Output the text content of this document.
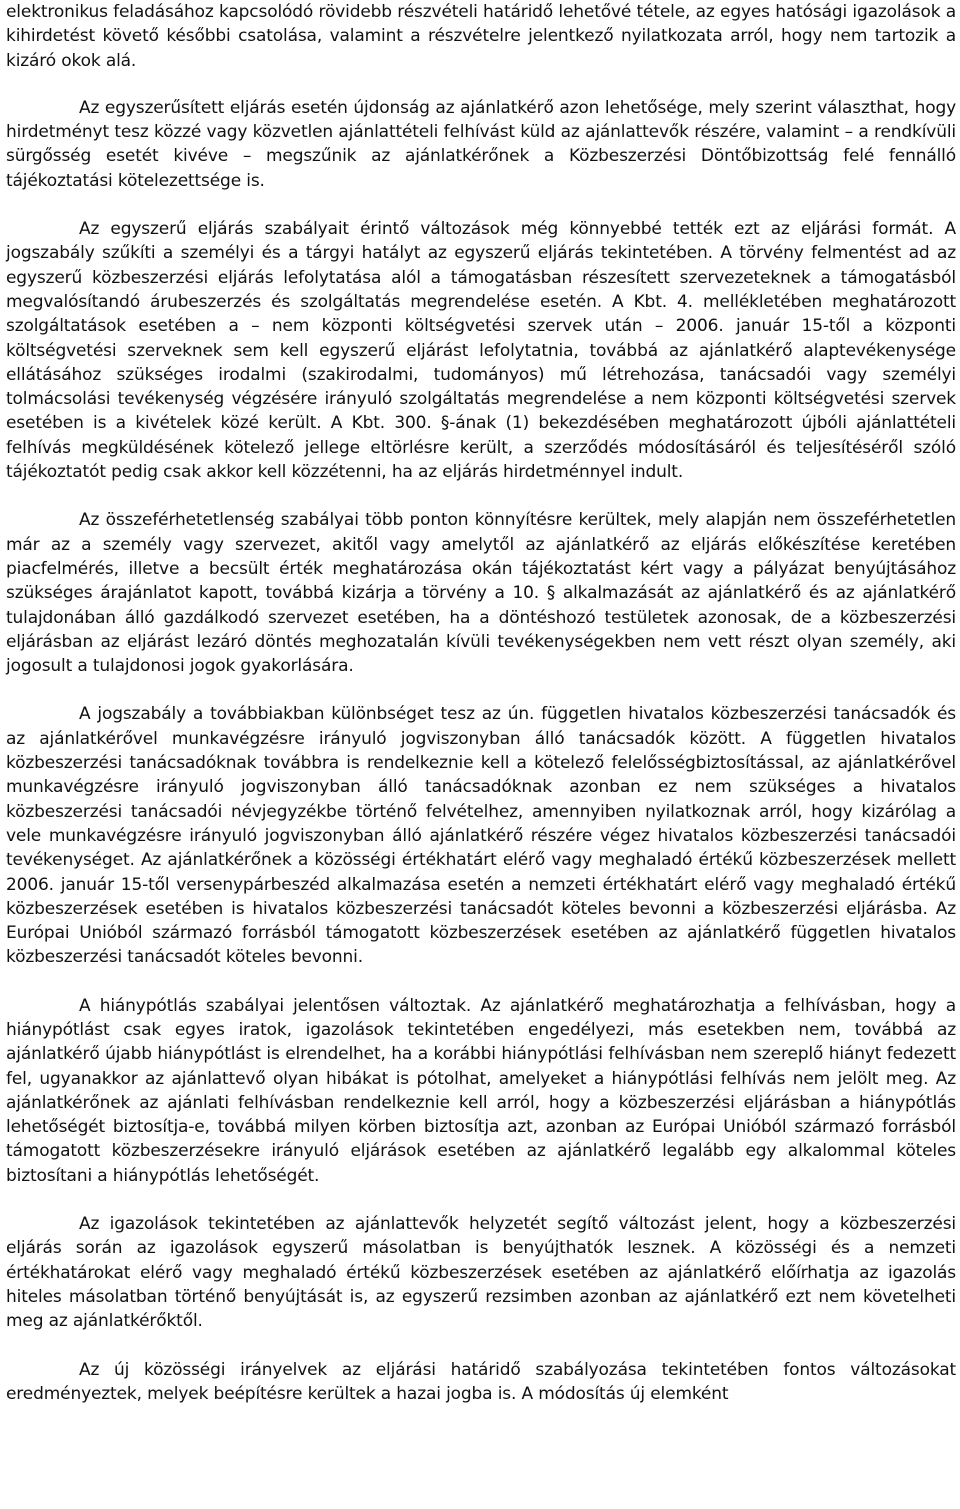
elektronikus feladásához kapcsolódó rövidebb részvételi határidő lehetővé tétele, az egyes hatósági igazolások a kihirdetést követő későbbi csatolása, valamint a részvételre jelentkező nyilatkozata arról, hogy nem tartozik a kizáró okok alá.

Az egyszerűsített eljárás esetén újdonság az ajánlatkérő azon lehetősége, mely szerint választhat, hogy hirdetményt tesz közzé vagy közvetlen ajánlattételi felhívást küld az ajánlattevők részére, valamint – a rendkívüli sürgősség esetét kivéve – megszűnik az ajánlatkérőnek a Közbeszerzési Döntőbizottság felé fennálló tájékoztatási kötelezettsége is.

Az egyszerű eljárás szabályait érintő változások még könnyebbé tették ezt az eljárási formát. A jogszabály szűkíti a személyi és a tárgyi hatályt az egyszerű eljárás tekintetében. A törvény felmentést ad az egyszerű közbeszerzési eljárás lefolytatása alól a támogatásban részesített szervezeteknek a támogatásból megvalósítandó árubeszerzés és szolgáltatás megrendelése esetén. A Kbt. 4. mellékletében meghatározott szolgáltatások esetében a – nem központi költségvetési szervek után – 2006. január 15-től a központi költségvetési szerveknek sem kell egyszerű eljárást lefolytatnia, továbbá az ajánlatkérő alaptevékenysége ellátásához szükséges irodalmi (szakirodalmi, tudományos) mű létrehozása, tanácsadói vagy személyi tolmácsolási tevékenység végzésére irányuló szolgáltatás megrendelése a nem központi költségvetési szervek esetében is a kivételek közé került. A Kbt. 300. §-ának (1) bekezdésében meghatározott újbóli ajánlattételi felhívás megküldésének kötelező jellege eltörlésre került, a szerződés módosításáról és teljesítéséről szóló tájékoztatót pedig csak akkor kell közzétenni, ha az eljárás hirdetménnyel indult.

Az összeférhetetlenség szabályai több ponton könnyítésre kerültek, mely alapján nem összeférhetetlen már az a személy vagy szervezet, akitől vagy amelytől az ajánlatkérő az eljárás előkészítése keretében piacfelmérés, illetve a becsült érték meghatározása okán tájékoztatást kért vagy a pályázat benyújtásához szükséges árajánlatot kapott, továbbá kizárja a törvény a 10. § alkalmazását az ajánlatkérő és az ajánlatkérő tulajdonában álló gazdálkodó szervezet esetében, ha a döntéshozó testületek azonosak, de a közbeszerzési eljárásban az eljárást lezáró döntés meghozatalán kívüli tevékenységekben nem vett részt olyan személy, aki jogosult a tulajdonosi jogok gyakorlására.

A jogszabály a továbbiakban különbséget tesz az ún. független hivatalos közbeszerzési tanácsadók és az ajánlatkérővel munkavégzésre irányuló jogviszonyban álló tanácsadók között. A független hivatalos közbeszerzési tanácsadóknak továbbra is rendelkeznie kell a kötelező felelősségbiztosítással, az ajánlatkérővel munkavégzésre irányuló jogviszonyban álló tanácsadóknak azonban ez nem szükséges a hivatalos közbeszerzési tanácsadói névjegyzékbe történő felvételhez, amennyiben nyilatkoznak arról, hogy kizárólag a vele munkavégzésre irányuló jogviszonyban álló ajánlatkérő részére végez hivatalos közbeszerzési tanácsadói tevékenységet. Az ajánlatkérőnek a közösségi értékhatárt elérő vagy meghaladó értékű közbeszerzések mellett 2006. január 15-től versenypárbeszéd alkalmazása esetén a nemzeti értékhatárt elérő vagy meghaladó értékű közbeszerzések esetében is hivatalos közbeszerzési tanácsadót köteles bevonni a közbeszerzési eljárásba. Az Európai Unióból származó forrásból támogatott közbeszerzések esetében az ajánlatkérő független hivatalos közbeszerzési tanácsadót köteles bevonni.

A hiánypótlás szabályai jelentősen változtak. Az ajánlatkérő meghatározhatja a felhívásban, hogy a hiánypótlást csak egyes iratok, igazolások tekintetében engedélyezi, más esetekben nem, továbbá az ajánlatkérő újabb hiánypótlást is elrendelhet, ha a korábbi hiánypótlási felhívásban nem szereplő hiányt fedezett fel, ugyanakkor az ajánlattevő olyan hibákat is pótolhat, amelyeket a hiánypótlási felhívás nem jelölt meg. Az ajánlatkérőnek az ajánlati felhívásban rendelkeznie kell arról, hogy a közbeszerzési eljárásban a hiánypótlás lehetőségét biztosítja-e, továbbá milyen körben biztosítja azt, azonban az Európai Unióból származó forrásból támogatott közbeszerzésekre irányuló eljárások esetében az ajánlatkérő legalább egy alkalommal köteles biztosítani a hiánypótlás lehetőségét.

Az igazolások tekintetében az ajánlattevők helyzetét segítő változást jelent, hogy a közbeszerzési eljárás során az igazolások egyszerű másolatban is benyújthatók lesznek. A közösségi és a nemzeti értékhatárokat elérő vagy meghaladó értékű közbeszerzések esetében az ajánlatkérő előírhatja az igazolás hiteles másolatban történő benyújtását is, az egyszerű rezsimben azonban az ajánlatkérő ezt nem követelheti meg az ajánlatkérőktől.

Az új közösségi irányelvek az eljárási határidő szabályozása tekintetében fontos változásokat eredményeztek, melyek beépítésre kerültek a hazai jogba is. A módosítás új elemként
